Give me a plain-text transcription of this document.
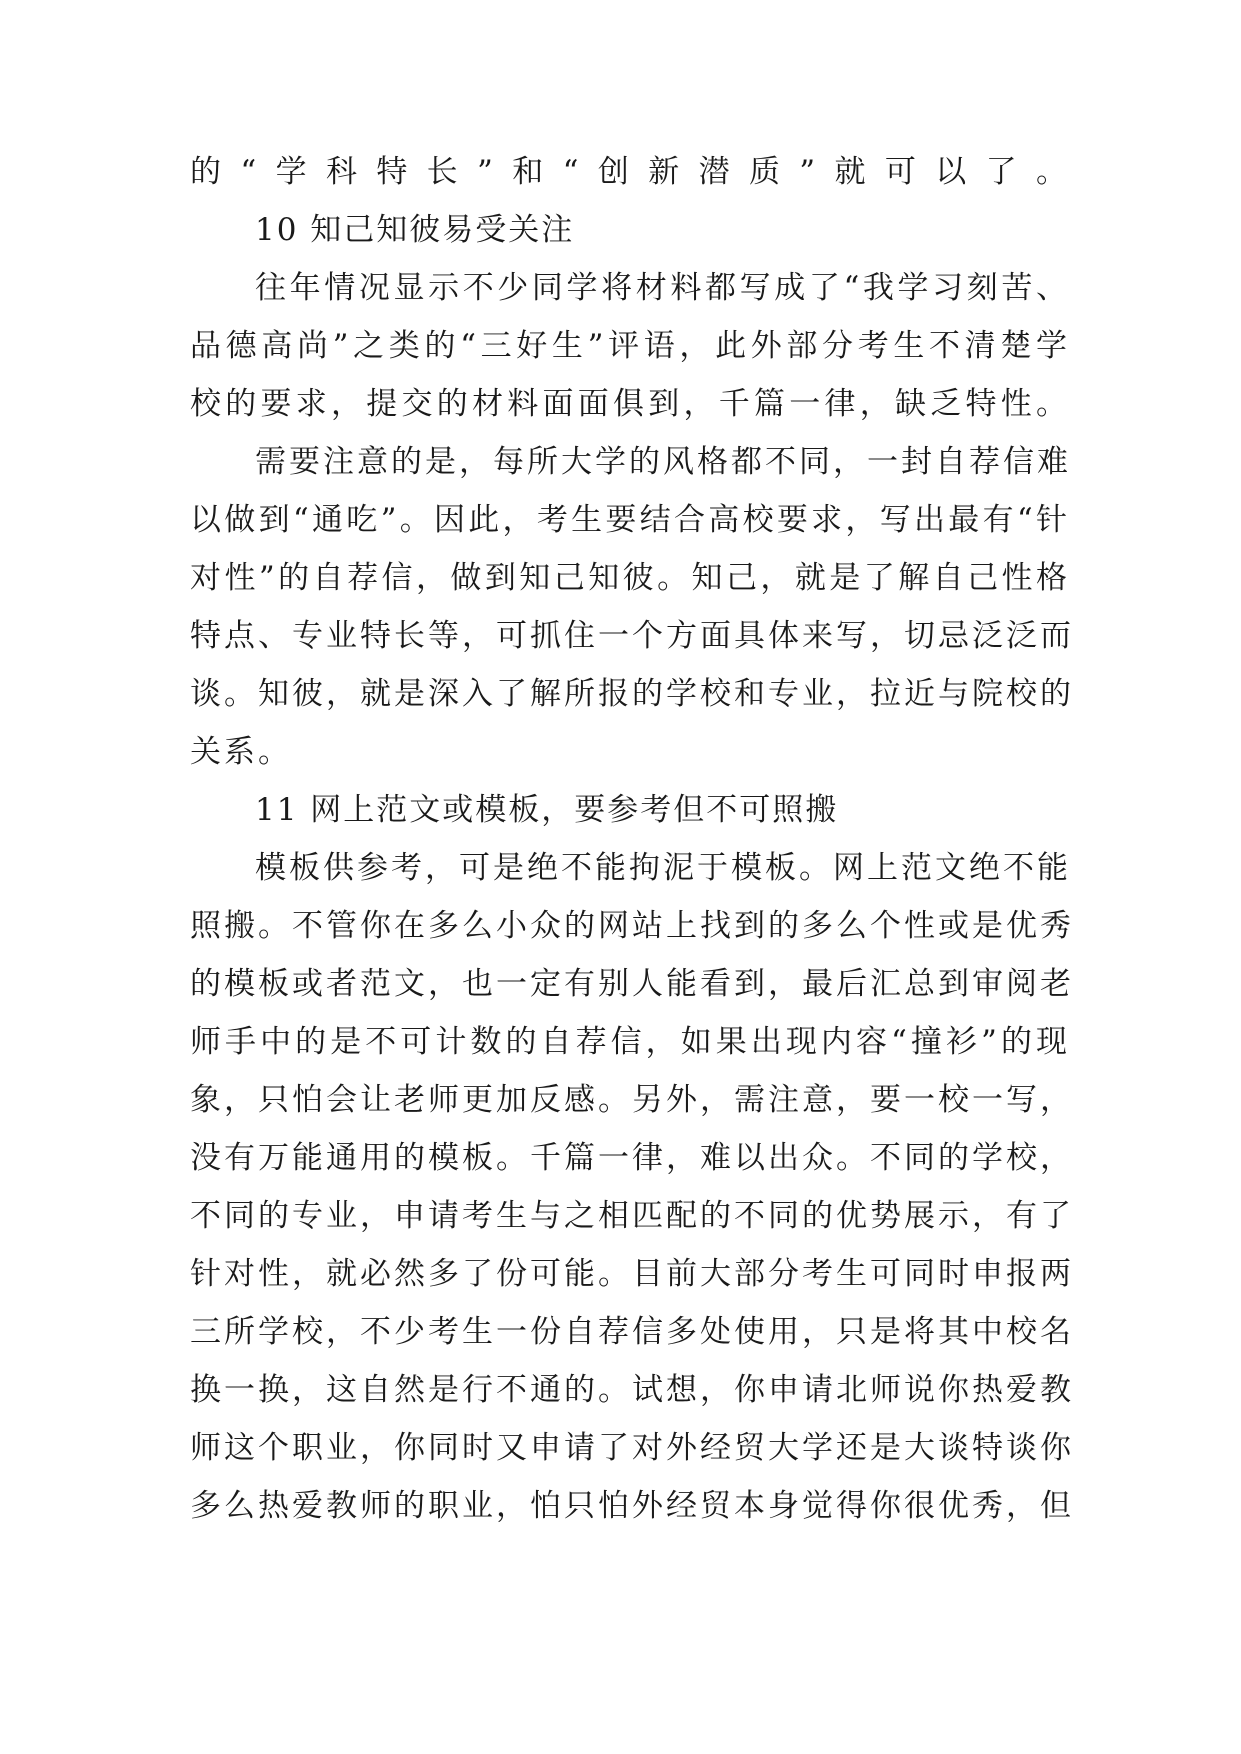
的“学科特长”和“创新潜质”就可以了。

10 知己知彼易受关注

往年情况显示不少同学将材料都写成了“我学习刻苦、

品德高尚”之类的“三好生”评语，此外部分考生不清楚学

校的要求，提交的材料面面俱到，千篇一律，缺乏特性。

需要注意的是，每所大学的风格都不同，一封自荐信难

以做到“通吃”。因此，考生要结合高校要求，写出最有“针

对性”的自荐信，做到知己知彼。知己，就是了解自己性格

特点、专业特长等，可抓住一个方面具体来写，切忌泛泛而

谈。知彼，就是深入了解所报的学校和专业，拉近与院校的

关系。

11 网上范文或模板，要参考但不可照搬

模板供参考，可是绝不能拘泥于模板。网上范文绝不能

照搬。不管你在多么小众的网站上找到的多么个性或是优秀

的模板或者范文，也一定有别人能看到，最后汇总到审阅老

师手中的是不可计数的自荐信，如果出现内容“撞衫”的现

象，只怕会让老师更加反感。另外，需注意，要一校一写，

没有万能通用的模板。千篇一律，难以出众。不同的学校，

不同的专业，申请考生与之相匹配的不同的优势展示，有了

针对性，就必然多了份可能。目前大部分考生可同时申报两

三所学校，不少考生一份自荐信多处使用，只是将其中校名

换一换，这自然是行不通的。试想，你申请北师说你热爱教

师这个职业，你同时又申请了对外经贸大学还是大谈特谈你

多么热爱教师的职业，怕只怕外经贸本身觉得你很优秀，但
